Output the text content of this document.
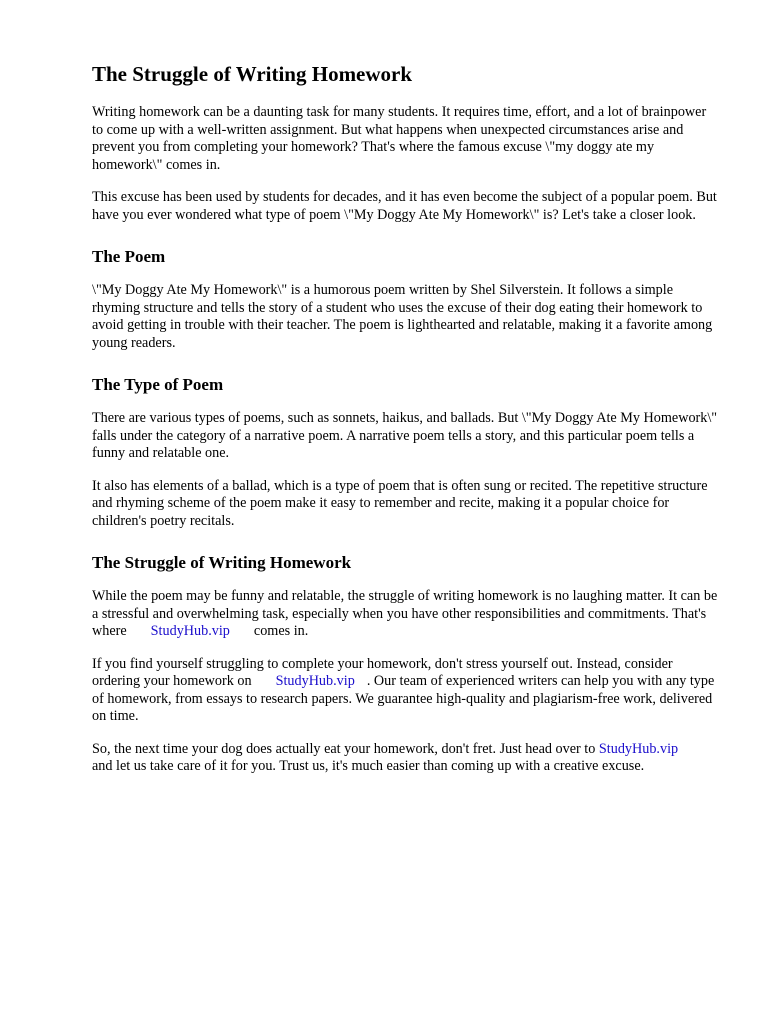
The Struggle of Writing Homework

Writing homework can be a daunting task for many students. It requires time, effort, and a lot of brainpower to come up with a well-written assignment. But what happens when unexpected circumstances arise and prevent you from completing your homework? That's where the famous excuse \"my doggy ate my homework\" comes in.

This excuse has been used by students for decades, and it has even become the subject of a popular poem. But have you ever wondered what type of poem \"My Doggy Ate My Homework\" is? Let's take a closer look.

The Poem

\"My Doggy Ate My Homework\" is a humorous poem written by Shel Silverstein. It follows a simple rhyming structure and tells the story of a student who uses the excuse of their dog eating their homework to avoid getting in trouble with their teacher. The poem is lighthearted and relatable, making it a favorite among young readers.

The Type of Poem

There are various types of poems, such as sonnets, haikus, and ballads. But \"My Doggy Ate My Homework\" falls under the category of a narrative poem. A narrative poem tells a story, and this particular poem tells a funny and relatable one.

It also has elements of a ballad, which is a type of poem that is often sung or recited. The repetitive structure and rhyming scheme of the poem make it easy to remember and recite, making it a popular choice for children's poetry recitals.

The Struggle of Writing Homework

While the poem may be funny and relatable, the struggle of writing homework is no laughing matter. It can be a stressful and overwhelming task, especially when you have other responsibilities and commitments. That's where StudyHub.vip comes in.

If you find yourself struggling to complete your homework, don't stress yourself out. Instead, consider ordering your homework on StudyHub.vip . Our team of experienced writers can help you with any type of homework, from essays to research papers. We guarantee high-quality and plagiarism-free work, delivered on time.

So, the next time your dog does actually eat your homework, don't fret. Just head over to StudyHub.vipand let us take care of it for you. Trust us, it's much easier than coming up with a creative excuse.
